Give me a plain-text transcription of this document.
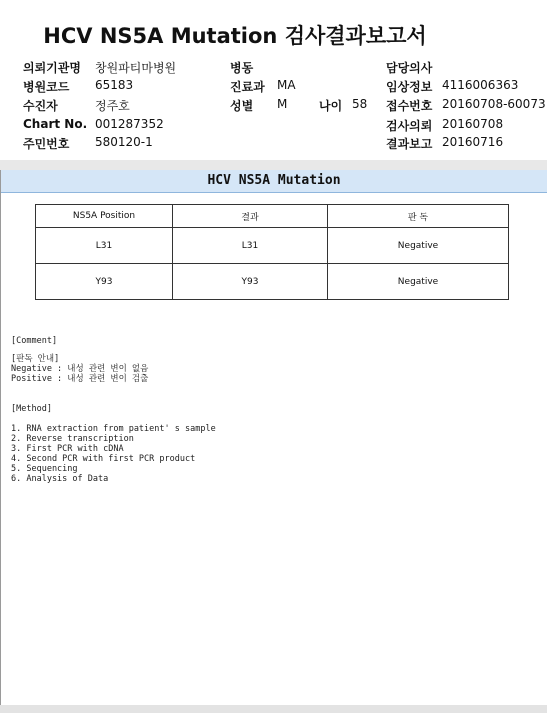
HCV NS5A Mutation 검사결과보고서
의뢰기관명 창원파티마병원
병원코드 65183
수진자	정주호
Chart No. 001287352
주민번호 580120-1
병동
진료과 MA
성별 M	나이 58
담당의사
임상정보 4116006363
접수번호 20160708-60073
검사의뢰 20160708
결과보고 20160716
HCV NS5A Mutation
NS5A Position	결과	판 독
L31	L31	Negative
Y93	Y93	Negative
[Comment]
[판독 안내]
Negative : 내성 관련 변이 없음
Positive : 내성 관련 변이 검출
[Method]
1. RNA extraction from patient' s sample
2. Reverse transcription
3. First PCR with cDNA
4. Second PCR with first PCR product
5. Sequencing
6. Analysis of Data
